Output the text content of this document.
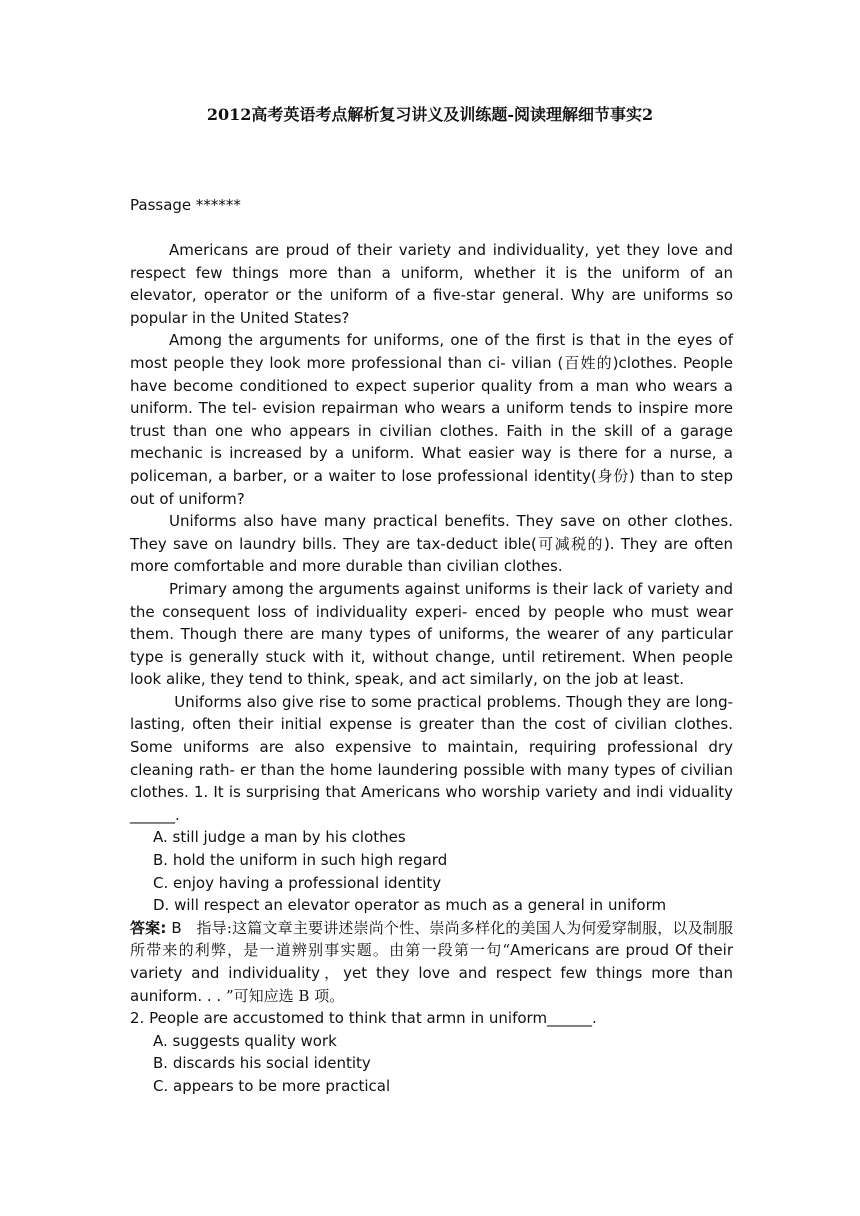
2012高考英语考点解析复习讲义及训练题-阅读理解细节事实2
Passage ******

Americans are proud of their variety and individuality, yet they love and respect few things more than a uniform, whether it is the uniform of an elevator, operator or the uniform of a five-star general. Why are uniforms so popular in the United States?

Among the arguments for uniforms, one of the first is that in the eyes of most people they look more professional than ci- vilian (百姓的)clothes. People have become conditioned to expect superior quality from a man who wears a uniform. The tel- evision repairman who wears a uniform tends to inspire more trust than one who appears in civilian clothes. Faith in the skill of a garage mechanic is increased by a uniform. What easier way is there for a nurse, a policeman, a barber, or a waiter to lose professional identity(身份) than to step out of uniform?

Uniforms also have many practical benefits. They save on other clothes. They save on laundry bills. They are tax-deduct ible(可减税的). They are often more comfortable and more durable than civilian clothes.

Primary among the arguments against uniforms is their lack of variety and the consequent loss of individuality experi- enced by people who must wear them. Though there are many types of uniforms, the wearer of any particular type is generally stuck with it, without change, until retirement. When people look alike, they tend to think, speak, and act similarly, on the job at least.

Uniforms also give rise to some practical problems. Though they are long-lasting, often their initial expense is greater than the cost of civilian clothes. Some uniforms are also expensive to maintain, requiring professional dry cleaning rath- er than the home laundering possible with many types of civilian clothes. 1. It is surprising that Americans who worship variety and indi viduality ______.

A. still judge a man by his clothes
B. hold the uniform in such high regard
C. enjoy having a professional identity
D. will respect an elevator operator as much as a general in uniform
答案: B   指导:这篇文章主要讲述崇尚个性、崇尚多样化的美国人为何爱穿制服，以及制服所带来的利弊，是一道辨别事实题。由第一段第一句“Americans are proud Of their variety and individuality，yet they love and respect few things more than auniform. . . ”可知应选 B 项。
2. People are accustomed to think that armn in uniform______.
A. suggests quality work
B. discards his social identity
C. appears to be more practical
